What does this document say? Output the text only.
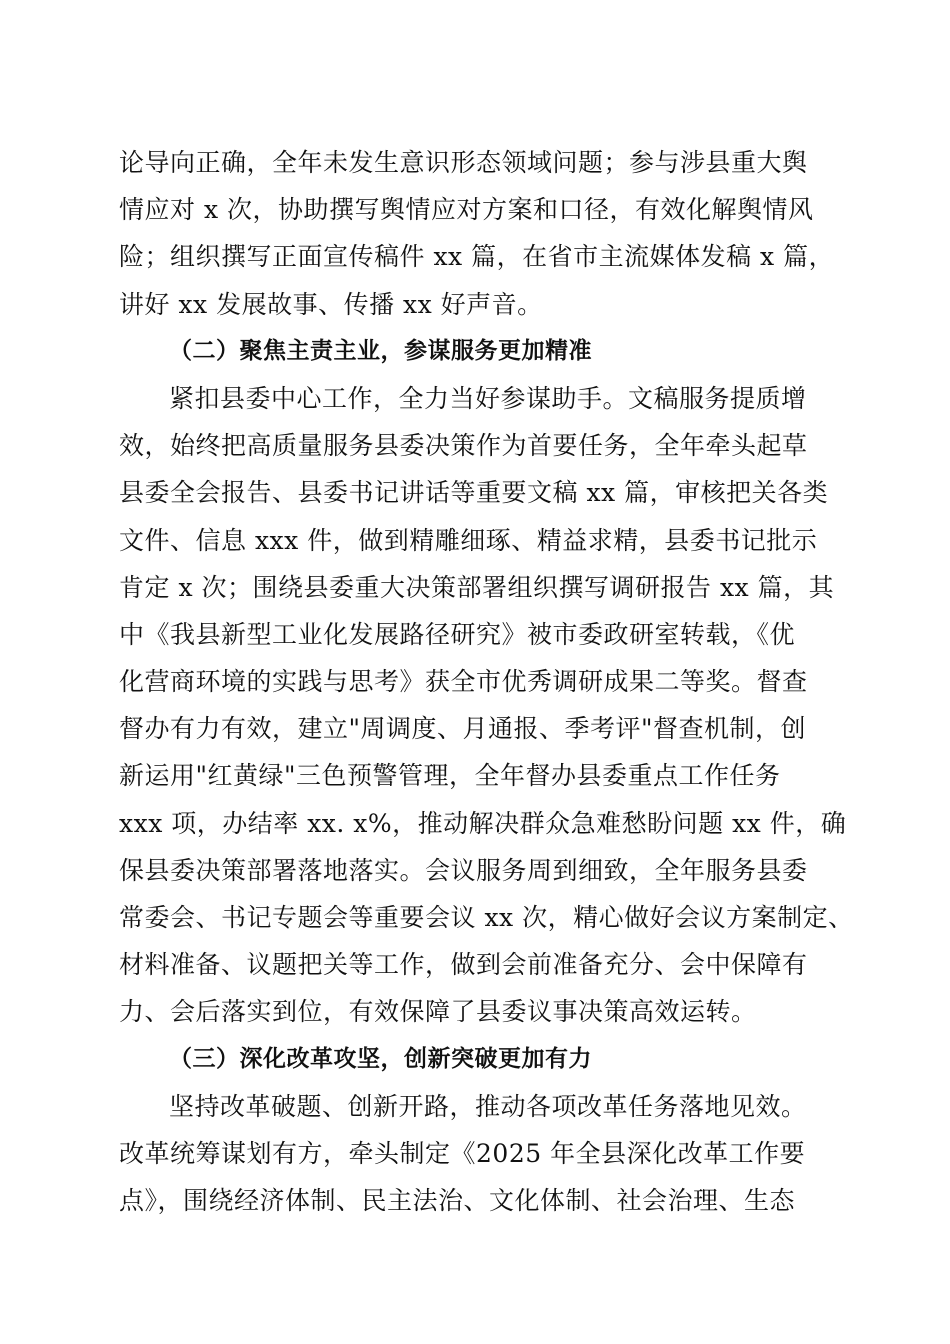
论导向正确，全年未发生意识形态领域问题；参与涉县重大舆
情应对 x 次，协助撰写舆情应对方案和口径，有效化解舆情风
险；组织撰写正面宣传稿件 xx 篇，在省市主流媒体发稿 x 篇，
讲好 xx 发展故事、传播 xx 好声音。
（二）聚焦主责主业，参谋服务更加精准
紧扣县委中心工作，全力当好参谋助手。文稿服务提质增
效，始终把高质量服务县委决策作为首要任务，全年牵头起草
县委全会报告、县委书记讲话等重要文稿 xx 篇，审核把关各类
文件、信息 xxx 件，做到精雕细琢、精益求精，县委书记批示
肯定 x 次；围绕县委重大决策部署组织撰写调研报告 xx 篇，其
中《我县新型工业化发展路径研究》被市委政研室转载，《优
化营商环境的实践与思考》获全市优秀调研成果二等奖。督查
督办有力有效，建立"周调度、月通报、季考评"督查机制，创
新运用"红黄绿"三色预警管理，全年督办县委重点工作任务
xxx 项，办结率 xx. x%，推动解决群众急难愁盼问题 xx 件，确
保县委决策部署落地落实。会议服务周到细致，全年服务县委
常委会、书记专题会等重要会议 xx 次，精心做好会议方案制定、
材料准备、议题把关等工作，做到会前准备充分、会中保障有
力、会后落实到位，有效保障了县委议事决策高效运转。
（三）深化改革攻坚，创新突破更加有力
坚持改革破题、创新开路，推动各项改革任务落地见效。
改革统筹谋划有方，牵头制定《2025 年全县深化改革工作要
点》，围绕经济体制、民主法治、文化体制、社会治理、生态
